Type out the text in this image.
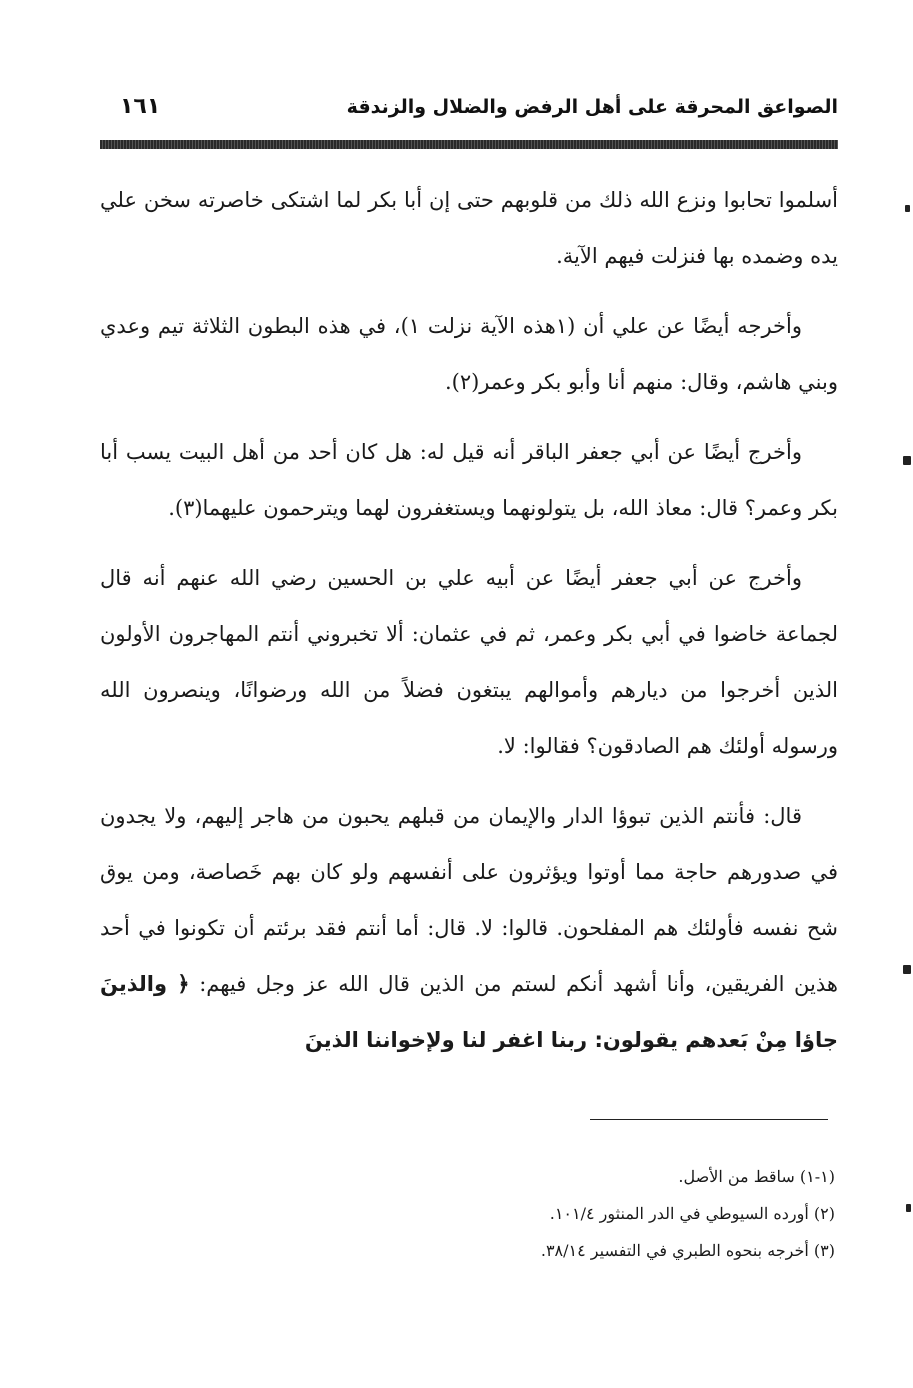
الصواعق المحرقة على أهل الرفض والضلال والزندقة
١٦١

أسلموا تحابوا ونزع الله ذلك من قلوبهم حتى إن أبا بكر لما اشتكى خاصرته سخن علي يده وضمده بها فنزلت فيهم الآية.

وأخرجه أيضًا عن علي أن (١هذه الآية نزلت ١)، في هذه البطون الثلاثة تيم وعدي وبني هاشم، وقال: منهم أنا وأبو بكر وعمر(٢).

وأخرج أيضًا عن أبي جعفر الباقر أنه قيل له: هل كان أحد من أهل البيت يسب أبا بكر وعمر؟ قال: معاذ الله، بل يتولونهما ويستغفرون لهما ويترحمون عليهما(٣).

وأخرج عن أبي جعفر أيضًا عن أبيه علي بن الحسين رضي الله عنهم أنه قال لجماعة خاضوا في أبي بكر وعمر، ثم في عثمان: ألا تخبروني أنتم المهاجرون الأولون الذين أخرجوا من ديارهم وأموالهم يبتغون فضلاً من الله ورضوانًا، وينصرون الله ورسوله أولئك هم الصادقون؟ فقالوا: لا.

قال: فأنتم الذين تبوؤا الدار والإيمان من قبلهم يحبون من هاجر إليهم، ولا يجدون في صدورهم حاجة مما أوتوا ويؤثرون على أنفسهم ولو كان بهم خَصاصة، ومن يوق شح نفسه فأولئك هم المفلحون. قالوا: لا. قال: أما أنتم فقد برئتم أن تكونوا في أحد هذين الفريقين، وأنا أشهد أنكم لستم من الذين قال الله عز وجل فيهم: ﴿ والذينَ جاؤا مِنْ بَعدهم يقولون: ربنا اغفر لنا ولإخواننا الذينَ

(١-١) ساقط من الأصل.
(٢) أورده السيوطي في الدر المنثور ١٠١/٤.
(٣) أخرجه بنحوه الطبري في التفسير ٣٨/١٤.
